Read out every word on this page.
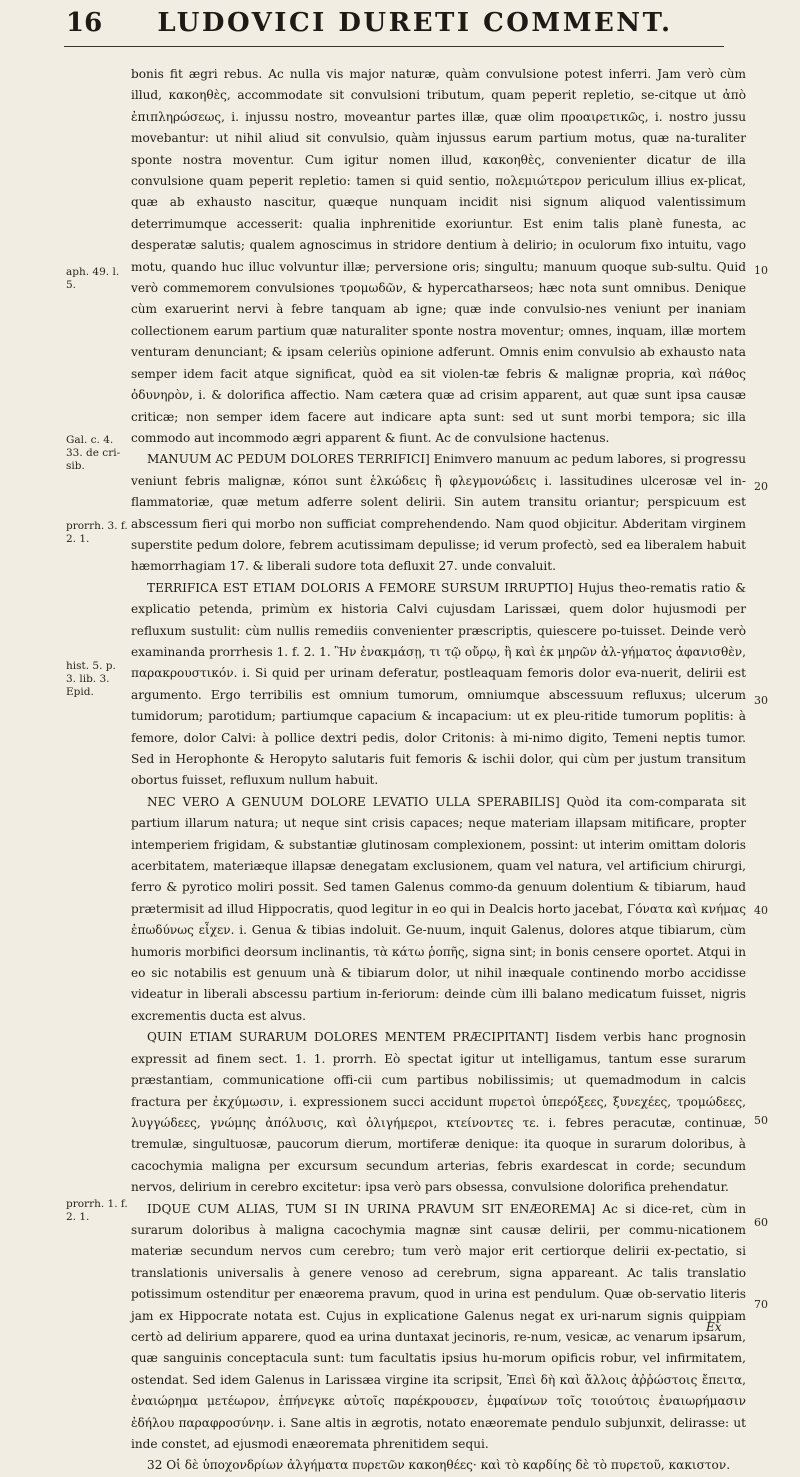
16	LUDOVICI DURETI COMMENT.
aph. 49. l. 5.
Gal. c. 4. 33. de cri-sib.
prorrh. 3. f. 2. 1.
hist. 5. p. 3. lib. 3. Epid.
prorrh. 1. f. 2. 1.
10
20
30
40
50
60
70

bonis fit ægri rebus. Ac nulla vis major naturæ, quàm convulsione potest inferri. Jam verò cùm illud, κακοηθὲς, accommodate sit convulsioni tributum, quam peperit repletio, se-citque ut ἀπὸ ἐπιπληρώσεως, i. injussu nostro, moveantur partes illæ, quæ olim προαιρετικῶς, i. nostro jussu movebantur: ut nihil aliud sit convulsio, quàm injussus earum partium motus, quæ na-turaliter sponte nostra moventur. Cum igitur nomen illud, κακοηθὲς, convenienter dicatur de illa convulsione quam peperit repletio: tamen si quid sentio, πολεμιώτερον periculum illius ex-plicat, quæ ab exhausto nascitur, quæque nunquam incidit nisi signum aliquod valentissimum deterrimumque accesserit: qualia inphrenitide exoriuntur. Est enim talis planè funesta, ac desperatæ salutis; qualem agnoscimus in stridore dentium à delirio; in oculorum fixo intuitu, vago motu, quando huc illuc volvuntur illæ; perversione oris; singultu; manuum quoque sub-sultu. Quid verò commemorem convulsiones τρομωδῶν, & hypercatharseos; hæc nota sunt omnibus. Denique cùm exaruerint nervi à febre tanquam ab igne; quæ inde convulsio-nes veniunt per inaniam collectionem earum partium quæ naturaliter sponte nostra moventur; omnes, inquam, illæ mortem venturam denunciant; & ipsam celeriùs opinione adferunt. Omnis enim convulsio ab exhausto nata semper idem facit atque significat, quòd ea sit violen-tæ febris & malignæ propria, καὶ πάθος ὀδυνηρὸν, i. & dolorifica affectio. Nam cætera quæ ad crisim apparent, aut quæ sunt ipsa causæ criticæ; non semper idem facere aut indicare apta sunt: sed ut sunt morbi tempora; sic illa commodo aut incommodo ægri apparent & fiunt. Ac de convulsione hactenus.

MANUUM AC PEDUM DOLORES TERRIFICI] Enimvero manuum ac pedum labores, si progressu veniunt febris malignæ, κόποι sunt ἑλκώδεις ἢ φλεγμονώδεις i. lassitudines ulcerosæ vel in-flammatoriæ, quæ metum adferre solent delirii. Sin autem transitu oriantur; perspicuum est abscessum fieri qui morbo non sufficiat comprehendendo. Nam quod objicitur. Abderitam virginem superstite pedum dolore, febrem acutissimam depulisse; id verum profectò, sed ea liberalem habuit hæmorrhagiam 17. & liberali sudore tota defluxit 27. unde convaluit.

TERRIFICA EST ETIAM DOLORIS A FEMORE SURSUM IRRUPTIO] Hujus theo-rematis ratio & explicatio petenda, primùm ex historia Calvi cujusdam Larissæi, quem dolor hujusmodi per refluxum sustulit: cùm nullis remediis convenienter præscriptis, quiescere po-tuisset. Deinde verò examinanda prorrhesis 1. f. 2. 1. Ἢν ἐνακμάσῃ, τι τῷ οὔρῳ, ἢ καὶ ἐκ μηρῶν ἀλ-γήματος ἀφανισθὲν, παρακρουστικόν. i. Si quid per urinam deferatur, postleaquam femoris dolor eva-nuerit, delirii est argumento. Ergo terribilis est omnium tumorum, omniumque abscessuum refluxus; ulcerum tumidorum; parotidum; partiumque capacium & incapacium: ut ex pleu-ritide tumorum poplitis: à femore, dolor Calvi: à pollice dextri pedis, dolor Critonis: à mi-nimo digito, Temeni neptis tumor. Sed in Herophonte & Heropyto salutaris fuit femoris & ischii dolor, qui cùm per justum transitum obortus fuisset, refluxum nullum habuit.

NEC VERO A GENUUM DOLORE LEVATIO ULLA SPERABILIS] Quòd ita com-comparata sit partium illarum natura; ut neque sint crisis capaces; neque materiam illapsam mitificare, propter intemperiem frigidam, & substantiæ glutinosam complexionem, possint: ut interim omittam doloris acerbitatem, materiæque illapsæ denegatam exclusionem, quam vel natura, vel artificium chirurgi, ferro & pyrotico moliri possit. Sed tamen Galenus commo-da genuum dolentium & tibiarum, haud prætermisit ad illud Hippocratis, quod legitur in eo qui in Dealcis horto jacebat, Γόνατα καὶ κνήμας ἐπωδύνως εἶχεν. i. Genua & tibias indoluit. Ge-nuum, inquit Galenus, dolores atque tibiarum, cùm humoris morbifici deorsum inclinantis, τὰ κάτω ῥοπῆς, signa sint; in bonis censere oportet. Atqui in eo sic notabilis est genuum unà & tibiarum dolor, ut nihil inæquale continendo morbo accidisse videatur in liberali abscessu partium in-feriorum: deinde cùm illi balano medicatum fuisset, nigris excrementis ducta est alvus.

QUIN ETIAM SURARUM DOLORES MENTEM PRÆCIPITANT] Iisdem verbis hanc prognosin expressit ad finem sect. 1. 1. prorrh. Eò spectat igitur ut intelligamus, tantum esse surarum præstantiam, communicatione offi-cii cum partibus nobilissimis; ut quemadmodum in calcis fractura per ἐκχύμωσιν, i. expressionem succi accidunt πυρετοὶ ὑπερόξεες, ξυνεχέες, τρομώδεες, λυγγώδεες, γνώμης ἀπόλυσις, καὶ ὀλιγήμεροι, κτείνοντες τε. i. febres peracutæ, continuæ, tremulæ, singultuosæ, paucorum dierum, mortiferæ denique: ita quoque in surarum doloribus, à cacochymia maligna per excursum secundum arterias, febris exardescat in corde; secundum nervos, delirium in cerebro excitetur: ipsa verò pars obsessa, convulsione dolorifica prehendatur.

IDQUE CUM ALIAS, TUM SI IN URINA PRAVUM SIT ENÆOREMA] Ac si dice-ret, cùm in surarum doloribus à maligna cacochymia magnæ sint causæ delirii, per commu-nicationem materiæ secundum nervos cum cerebro; tum verò major erit certiorque delirii ex-pectatio, si translationis universalis à genere venoso ad cerebrum, signa appareant. Ac talis translatio potissimum ostenditur per enæorema pravum, quod in urina est pendulum. Quæ ob-servatio literis jam ex Hippocrate notata est. Cujus in explicatione Galenus negat ex uri-narum signis quippiam certò ad delirium apparere, quod ea urina duntaxat jecinoris, re-num, vesicæ, ac venarum ipsarum, quæ sanguinis conceptacula sunt: tum facultatis ipsius hu-morum opificis robur, vel infirmitatem, ostendat. Sed idem Galenus in Larissæa virgine ita scripsit, Ἐπεὶ δὴ καὶ ἄλλοις ἀῤῥώστοις ἔπειτα, ἐναιώρημα μετέωρον, ἐπήνεγκε αὐτοῖς παρέκρουσεν, ἐμφαίνων τοῖς τοιούτοις ἐναιωρήμασιν ἐδήλου παραφροσύνην. i. Sane altis in ægrotis, notato enæoremate pendulo subjunxit, delirasse: ut inde constet, ad ejusmodi enæoremata phrenitidem sequi.

32 Οἱ δὲ ὑποχονδρίων ἀλγήματα πυρετῶν κακοηθέες· καὶ τὸ καρδίης δὲ τὸ πυρετοῦ, κακιστον.

Ex
